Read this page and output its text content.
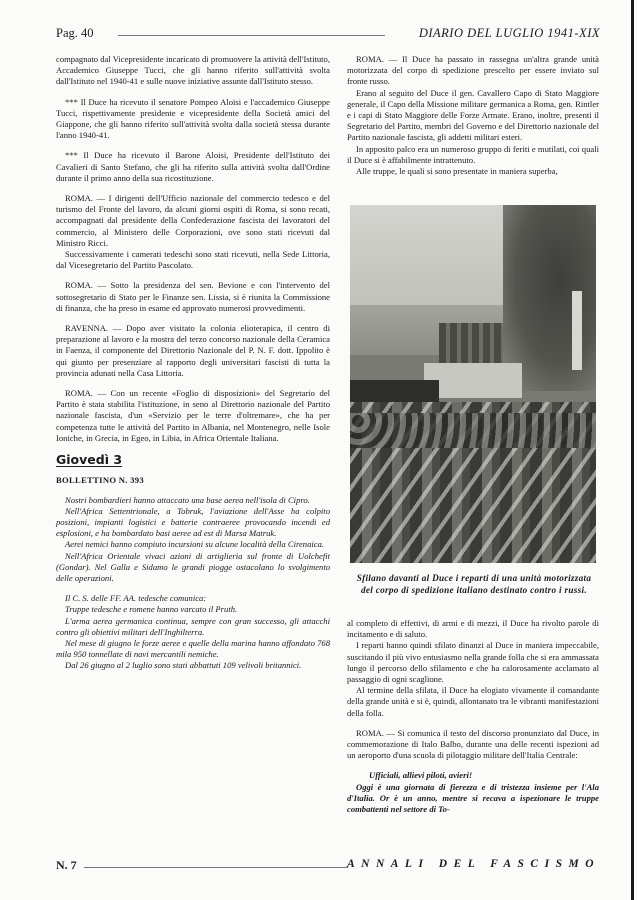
Pag. 40	DIARIO DEL LUGLIO 1941-XIX

compagnato dal Vicepresidente incaricato di promuovere la attività dell'Istituto, Accademico Giuseppe Tucci, che gli hanno riferito sull'attività svolta dall'Istituto nel 1940-41 e sulle nuove iniziative assunte dall'Istituto stesso.

*** Il Duce ha ricevuto il senatore Pompeo Aloisi e l'accademico Giuseppe Tucci, rispettivamente presidente e vicepresidente della Società amici del Giappone, che gli hanno riferito sull'attività svolta dalla società stessa durante l'anno 1940-41.

*** Il Duce ha ricevuto il Barone Aloisi, Presidente dell'Istituto dei Cavalieri di Santo Stefano, che gli ha riferito sulla attività svolta dall'Ordine durante il primo anno della sua ricostituzione.

ROMA. — I dirigenti dell'Ufficio nazionale del commercio tedesco e del turismo del Fronte del lavoro, da alcuni giorni ospiti di Roma, si sono recati, accompagnati dal presidente della Confederazione fascista dei lavoratori del commercio, al Ministero delle Corporazioni, ove sono stati ricevuti dal Ministro Ricci.

Successivamente i camerati tedeschi sono stati ricevuti, nella Sede Littoria, dal Vicesegretario del Partito Pascolato.

ROMA. — Sotto la presidenza del sen. Bevione e con l'intervento del sottosegretario di Stato per le Finanze sen. Lissia, si è riunita la Commissione di finanza, che ha preso in esame ed approvato numerosi provvedimenti.

RAVENNA. — Dopo aver visitato la colonia elioterapica, il centro di preparazione al lavoro e la mostra del terzo concorso nazionale della Ceramica in Faenza, il componente del Direttorio Nazionale del P. N. F. dott. Ippolito è qui giunto per presenziare al rapporto degli universitari fascisti di tutta la provincia adunati nella Casa Littoria.

ROMA. — Con un recente «Foglio di disposizioni» del Segretario del Partito è stata stabilita l'istituzione, in seno al Direttorio nazionale del Partito nazionale fascista, d'un «Servizio per le terre d'oltremare», che ha per competenza tutte le attività del Partito in Albania, nel Montenegro, nelle Isole Ioniche, in Grecia, in Egeo, in Libia, in Africa Orientale Italiana.

Giovedì 3
BOLLETTINO N. 393

Nostri bombardieri hanno attaccato una base aerea nell'isola di Cipro.

Nell'Africa Settentrionale, a Tobruk, l'aviazione dell'Asse ha colpito posizioni, impianti logistici e batterie contraeree provocando incendi ed esplosioni, e ha bombardato basi aeree ad est di Marsa Matruk.

Aerei nemici hanno compiuto incursioni su alcune località della Cirenaica.

Nell'Africa Orientale vivaci azioni di artiglieria sul fronte di Uolchefit (Gondar). Nel Galla e Sidamo le grandi piogge ostacolano lo svolgimento delle operazioni.

Il C. S. delle FF. AA. tedesche comunica:

Truppe tedesche e romene hanno varcato il Pruth.

L'arma aerea germanica continua, sempre con gran successo, gli attacchi contro gli obiettivi militari dell'Inghilterra.

Nel mese di giugno le forze aeree e quelle della marina hanno affondato 768 mila 950 tonnellate di navi mercantili nemiche.

Dal 26 giugno al 2 luglio sono stati abbattuti 109 velivoli britannici.

ROMA. — Il Duce ha passato in rassegna un'altra grande unità motorizzata del corpo di spedizione prescelto per essere inviato sul fronte russo.

Erano al seguito del Duce il gen. Cavallero Capo di Stato Maggiore generale, il Capo della Missione militare germanica a Roma, gen. Rintler e i capi di Stato Maggiore delle Forze Armate. Erano, inoltre, presenti il Segretario del Partito, membri del Governo e del Direttorio nazionale del Partito nazionale fascista, gli addetti militari esteri.

In apposito palco era un numeroso gruppo di feriti e mutilati, coi quali il Duce si è affabilmente intrattenuto.

Alle truppe, le quali si sono presentate in maniera superba,

Sfilano davanti al Duce i reparti di una unità motorizzata del corpo di spedizione italiano destinato contro i russi.

al completo di effettivi, di armi e di mezzi, il Duce ha rivolto parole di incitamento e di saluto.

I reparti hanno quindi sfilato dinanzi al Duce in maniera impeccabile, suscitando il più vivo entusiasmo nella grande folla che si era ammassata lungo il percorso dello sfilamento e che ha calorosamente acclamato al passaggio di ogni scaglione.

Al termine della sfilata, il Duce ha elogiato vivamente il comandante della grande unità e si è, quindi, allontanato tra le vibranti manifestazioni della folla.

ROMA. — Si comunica il testo del discorso pronunziato dal Duce, in commemorazione di Italo Balbo, durante una delle recenti ispezioni ad un aeroporto d'una scuola di pilotaggio militare dell'Italia Centrale:

Ufficiali, allievi piloti, avieri!

Oggi è una giornata di fierezza e di tristezza insieme per l'Ala d'Italia. Or è un anno, mentre si recava a ispezionare le truppe combattenti nel settore di To-

N. 7	ANNALI DEL FASCISMO
